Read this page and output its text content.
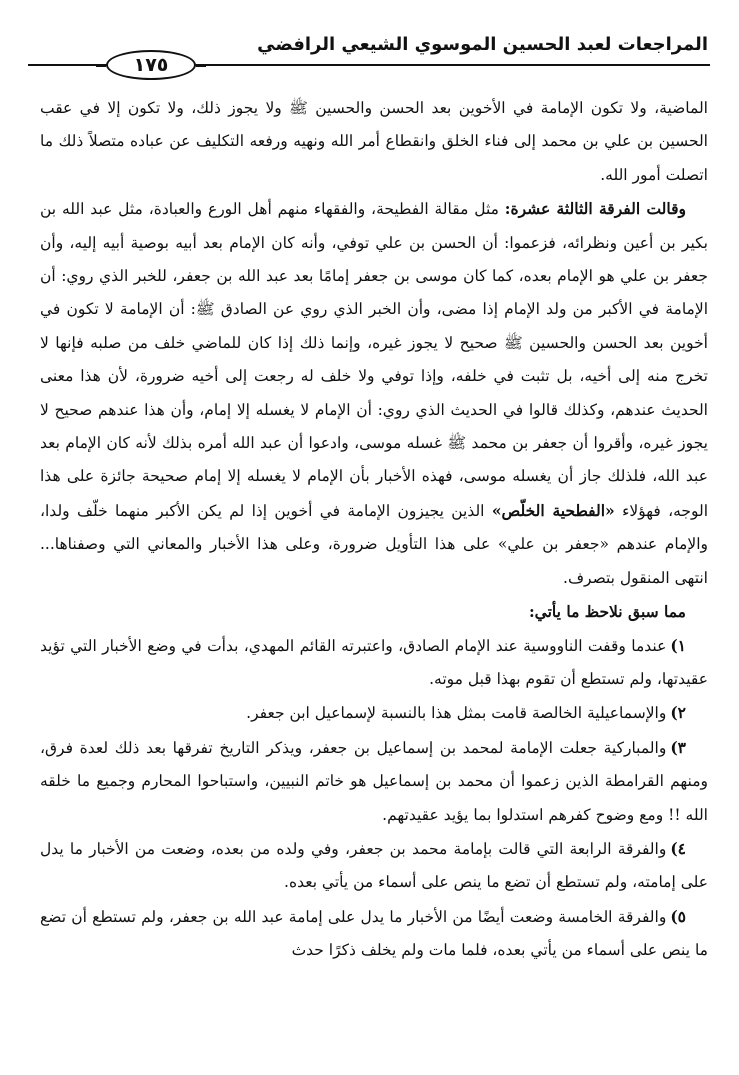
المراجعات لعبد الحسين الموسوي الشيعي الرافضي
١٧٥

الماضية، ولا تكون الإمامة في الأخوين بعد الحسن والحسين ﷺ ولا يجوز ذلك، ولا تكون إلا في عقب الحسين بن علي بن محمد إلى فناء الخلق وانقطاع أمر الله ونهيه ورفعه التكليف عن عباده متصلاً ذلك ما اتصلت أمور الله.

وقالت الفرقة الثالثة عشرة: مثل مقالة الفطيحة، والفقهاء منهم أهل الورع والعبادة، مثل عبد الله بن بكير بن أعين ونظرائه، فزعموا: أن الحسن بن علي توفي، وأنه كان الإمام بعد أبيه بوصية أبيه إليه، وأن جعفر بن علي هو الإمام بعده، كما كان موسى بن جعفر إمامًا بعد عبد الله بن جعفر، للخبر الذي روي: أن الإمامة في الأكبر من ولد الإمام إذا مضى، وأن الخبر الذي روي عن الصادق ﷺ: أن الإمامة لا تكون في أخوين بعد الحسن والحسين ﷺ صحيح لا يجوز غيره، وإنما ذلك إذا كان للماضي خلف من صلبه فإنها لا تخرج منه إلى أخيه، بل تثبت في خلفه، وإذا توفي ولا خلف له رجعت إلى أخيه ضرورة، لأن هذا معنى الحديث عندهم، وكذلك قالوا في الحديث الذي روي: أن الإمام لا يغسله إلا إمام، وأن هذا عندهم صحيح لا يجوز غيره، وأقروا أن جعفر بن محمد ﷺ غسله موسى، وادعوا أن عبد الله أمره بذلك لأنه كان الإمام بعد عبد الله، فلذلك جاز أن يغسله موسى، فهذه الأخبار بأن الإمام لا يغسله إلا إمام صحيحة جائزة على هذا الوجه، فهؤلاء «الفطحية الخلّص» الذين يجيزون الإمامة في أخوين إذا لم يكن الأكبر منهما خلّف ولدا، والإمام عندهم «جعفر بن علي» على هذا التأويل ضرورة، وعلى هذا الأخبار والمعاني التي وصفناها... انتهى المنقول بتصرف.

مما سبق نلاحظ ما يأتي:

١)عندما وقفت الناووسية عند الإمام الصادق، واعتبرته القائم المهدي، بدأت في وضع الأخبار التي تؤيد عقيدتها، ولم تستطع أن تقوم بهذا قبل موته.

٢)والإسماعيلية الخالصة قامت بمثل هذا بالنسبة لإسماعيل ابن جعفر.

٣)والمباركية جعلت الإمامة لمحمد بن إسماعيل بن جعفر، ويذكر التاريخ تفرقها بعد ذلك لعدة فرق، ومنهم القرامطة الذين زعموا أن محمد بن إسماعيل هو خاتم النبيين، واستباحوا المحارم وجميع ما خلقه الله !! ومع وضوح كفرهم استدلوا بما يؤيد عقيدتهم.

٤)والفرقة الرابعة التي قالت بإمامة محمد بن جعفر، وفي ولده من بعده، وضعت من الأخبار ما يدل على إمامته، ولم تستطع أن تضع ما ينص على أسماء من يأتي بعده.

٥)والفرقة الخامسة وضعت أيضًا من الأخبار ما يدل على إمامة عبد الله بن جعفر، ولم تستطع أن تضع ما ينص على أسماء من يأتي بعده، فلما مات ولم يخلف ذكرًا حدث
